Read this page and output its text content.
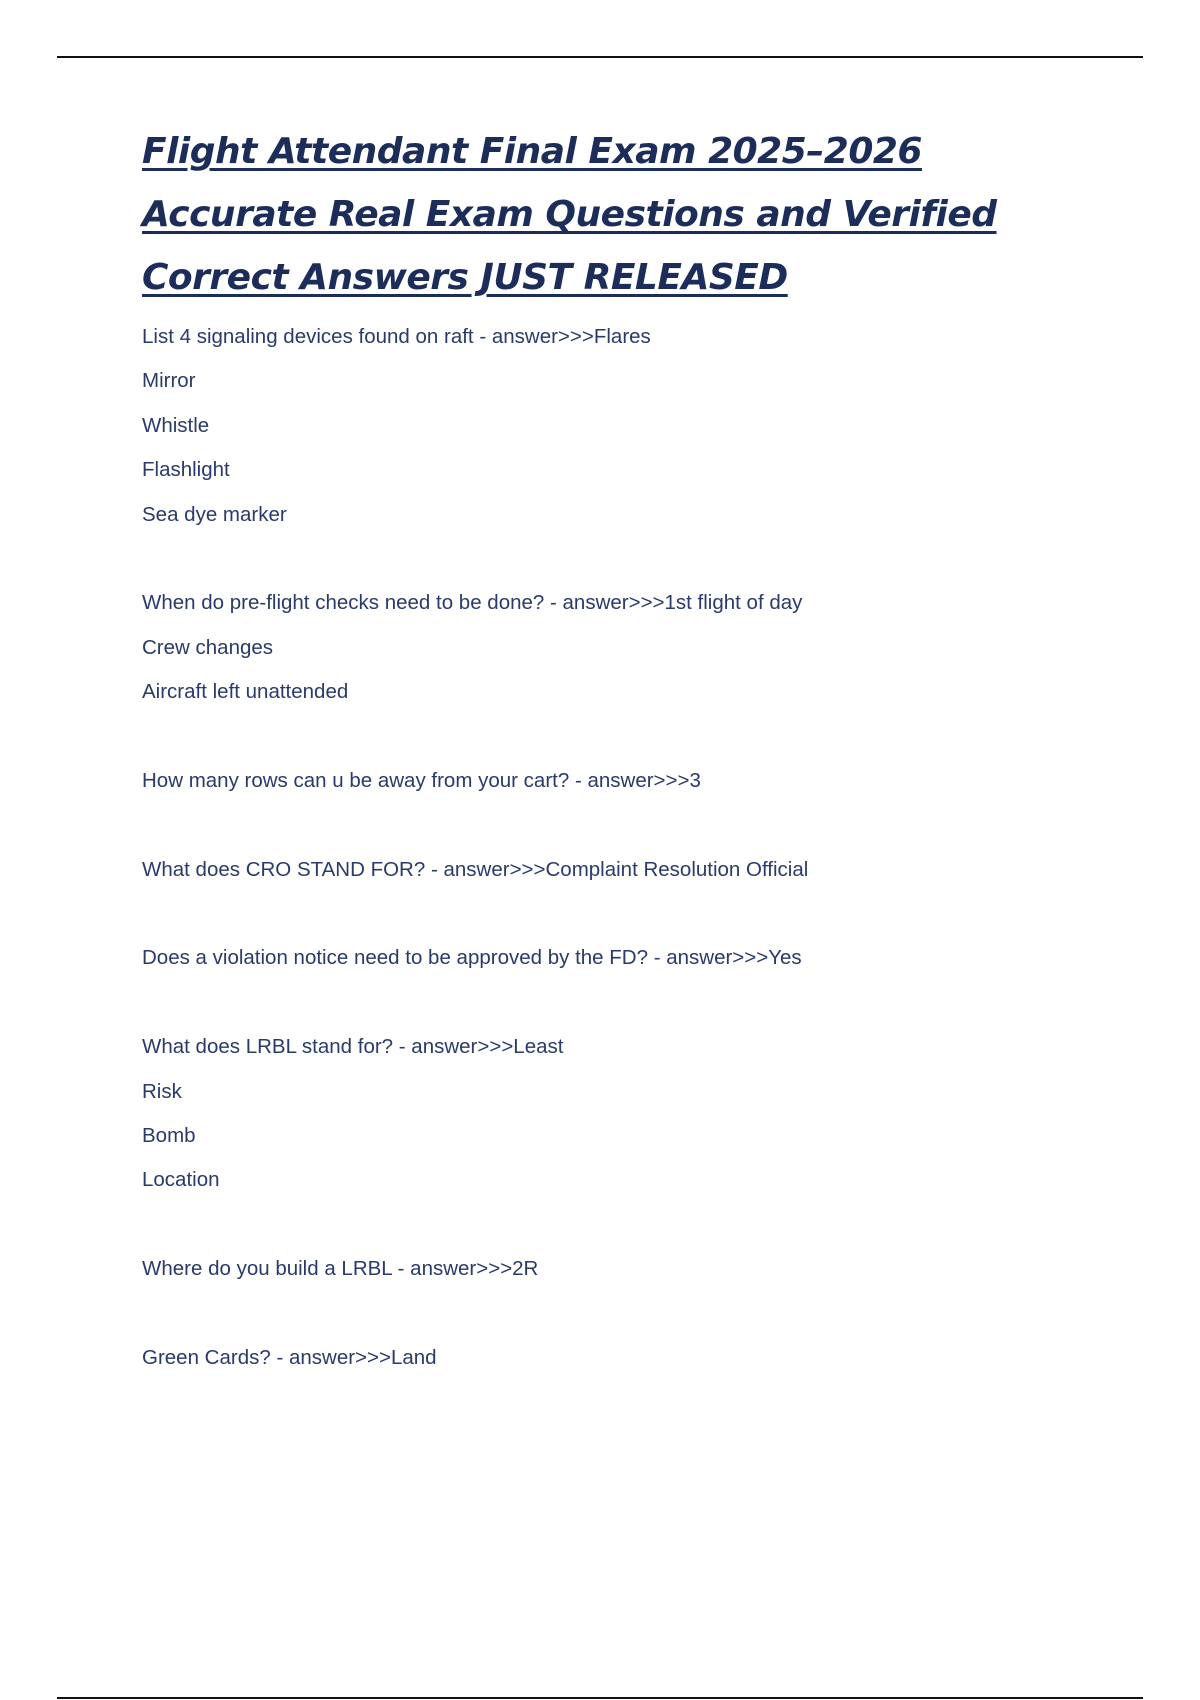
Flight Attendant Final Exam 2025–2026
Accurate Real Exam Questions and Verified
Correct Answers JUST RELEASED
List 4 signaling devices found on raft - answer>>>Flares
Mirror
Whistle
Flashlight
Sea dye marker
When do pre-flight checks need to be done? - answer>>>1st flight of day
Crew changes
Aircraft left unattended
How many rows can u be away from your cart? - answer>>>3
What does CRO STAND FOR? - answer>>>Complaint Resolution Official
Does a violation notice need to be approved by the FD? - answer>>>Yes
What does LRBL stand for? - answer>>>Least
Risk
Bomb
Location
Where do you build a LRBL - answer>>>2R
Green Cards? - answer>>>Land
